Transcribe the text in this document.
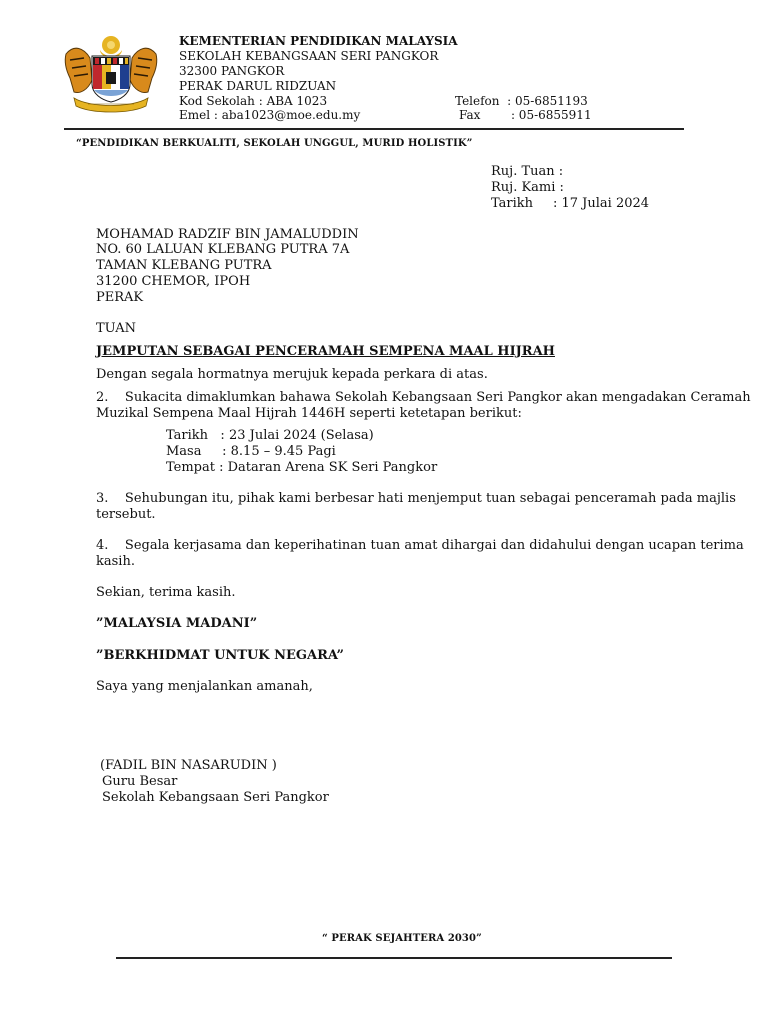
KEMENTERIAN PENDIDIKAN MALAYSIA
SEKOLAH KEBANGSAAN SERI PANGKOR
32300 PANGKOR
PERAK DARUL RIDZUAN
Kod Sekolah : ABA 1023
Emel : aba1023@moe.edu.my
Telefon  : 05-6851193
Fax        : 05-6855911
“PENDIDIKAN BERKUALITI, SEKOLAH UNGGUL, MURID HOLISTIK”
Ruj. Tuan :
Ruj. Kami :
Tarikh : 17 Julai 2024
MOHAMAD RADZIF BIN JAMALUDDIN
NO. 60 LALUAN KLEBANG PUTRA 7A
TAMAN KLEBANG PUTRA
31200 CHEMOR, IPOH
PERAK
TUAN
JEMPUTAN SEBAGAI PENCERAMAH SEMPENA MAAL HIJRAH
Dengan segala hormatnya merujuk kepada perkara di atas.
2.    Sukacita dimaklumkan bahawa Sekolah Kebangsaan Seri Pangkor akan mengadakan Ceramah
Muzikal Sempena Maal Hijrah 1446H seperti ketetapan berikut:
Tarikh   : 23 Julai 2024 (Selasa)
Masa     : 8.15 – 9.45 Pagi
Tempat : Dataran Arena SK Seri Pangkor
3.    Sehubungan itu, pihak kami berbesar hati menjemput tuan sebagai penceramah pada majlis
tersebut.
4.    Segala kerjasama dan keperihatinan tuan amat dihargai dan didahului dengan ucapan terima
kasih.
Sekian, terima kasih.
”MALAYSIA MADANI”
”BERKHIDMAT UNTUK NEGARA”
Saya yang menjalankan amanah,
(FADIL BIN NASARUDIN )
Guru Besar
Sekolah Kebangsaan Seri Pangkor
“ PERAK SEJAHTERA 2030”
